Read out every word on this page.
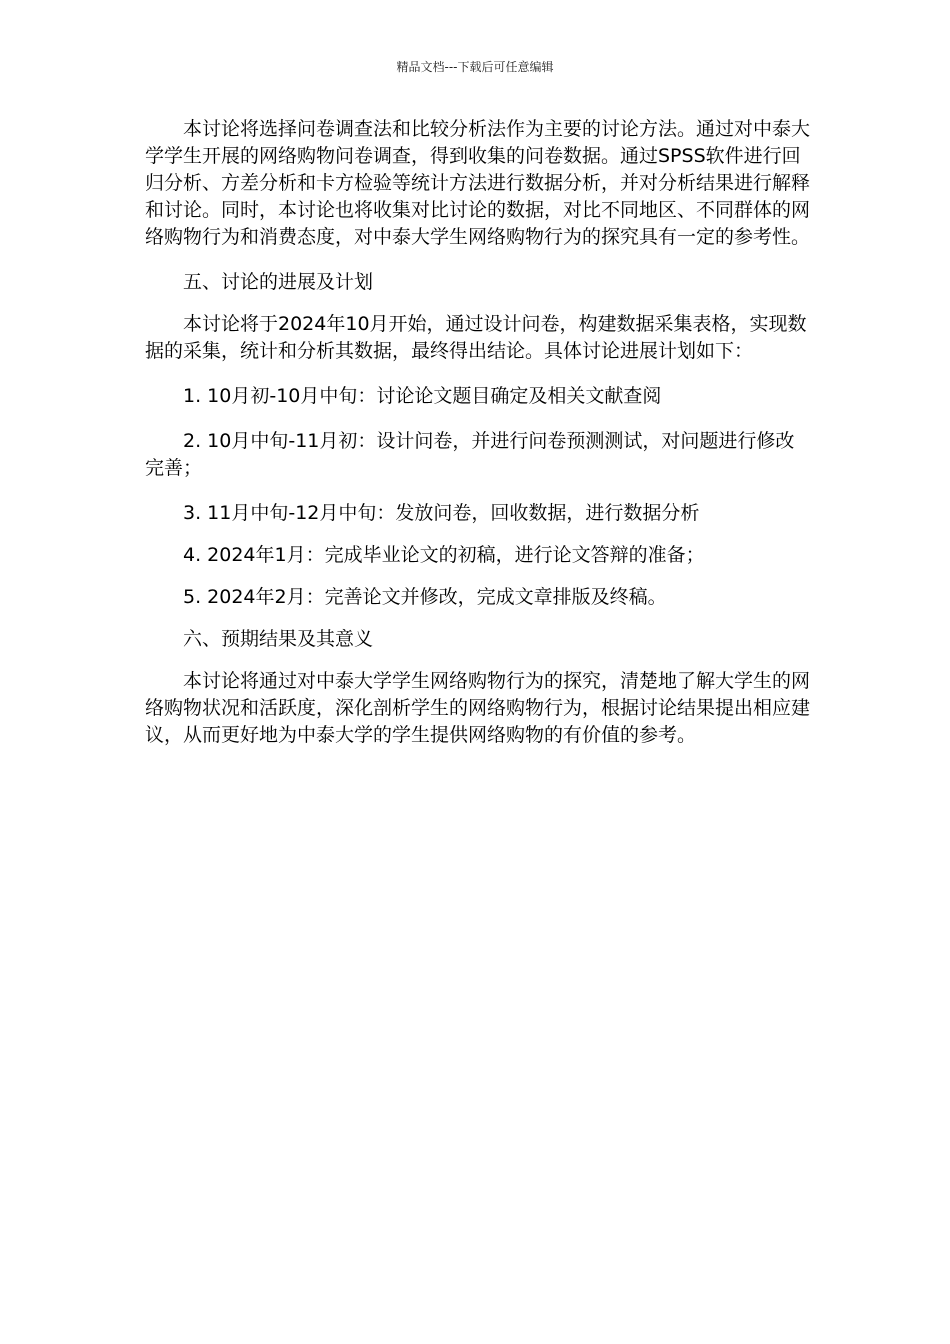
精品文档---下载后可任意编辑

本讨论将选择问卷调查法和比较分析法作为主要的讨论方法。通过对中泰大学学生开展的网络购物问卷调查，得到收集的问卷数据。通过SPSS软件进行回归分析、方差分析和卡方检验等统计方法进行数据分析，并对分析结果进行解释和讨论。同时，本讨论也将收集对比讨论的数据，对比不同地区、不同群体的网络购物行为和消费态度，对中泰大学生网络购物行为的探究具有一定的参考性。

五、讨论的进展及计划

本讨论将于2024年10月开始，通过设计问卷，构建数据采集表格，实现数据的采集，统计和分析其数据，最终得出结论。具体讨论进展计划如下：

1. 10月初-10月中旬：讨论论文题目确定及相关文献查阅

2. 10月中旬-11月初：设计问卷，并进行问卷预测测试，对问题进行修改完善；

3. 11月中旬-12月中旬：发放问卷，回收数据，进行数据分析

4. 2024年1月：完成毕业论文的初稿，进行论文答辩的准备；

5. 2024年2月：完善论文并修改，完成文章排版及终稿。

六、预期结果及其意义

本讨论将通过对中泰大学学生网络购物行为的探究，清楚地了解大学生的网络购物状况和活跃度，深化剖析学生的网络购物行为，根据讨论结果提出相应建议，从而更好地为中泰大学的学生提供网络购物的有价值的参考。
